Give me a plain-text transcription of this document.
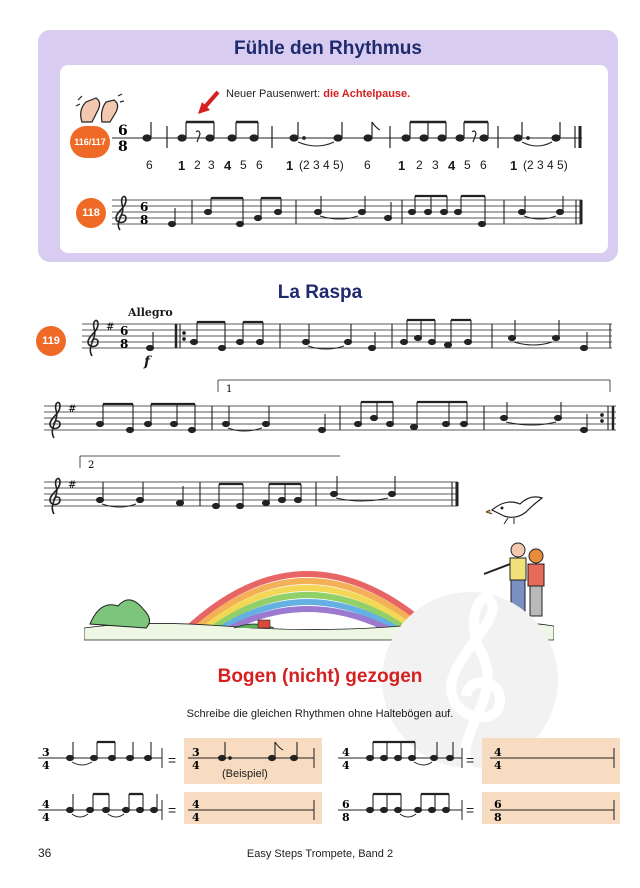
Fühle den Rhythmus
Neuer Pausenwert: die Achtelpause.
116/117
6
8
6 1 2 3 4 5 6 1 (2 3 4 5) 6 1 2 3 4 5 6 1 (2 3 4 5)
118	6
8
La Raspa
119
Allegro
f
# 6
8
1
#
2
#
Bogen (nicht) gezogen
Schreibe die gleichen Rhythmen ohne Haltebögen auf.
3
4
3
4
4
4
4
4
4
4
4
4
6
8
6
8
=	=
=	=
(Beispiel)
36	Easy Steps Trompete, Band 2
